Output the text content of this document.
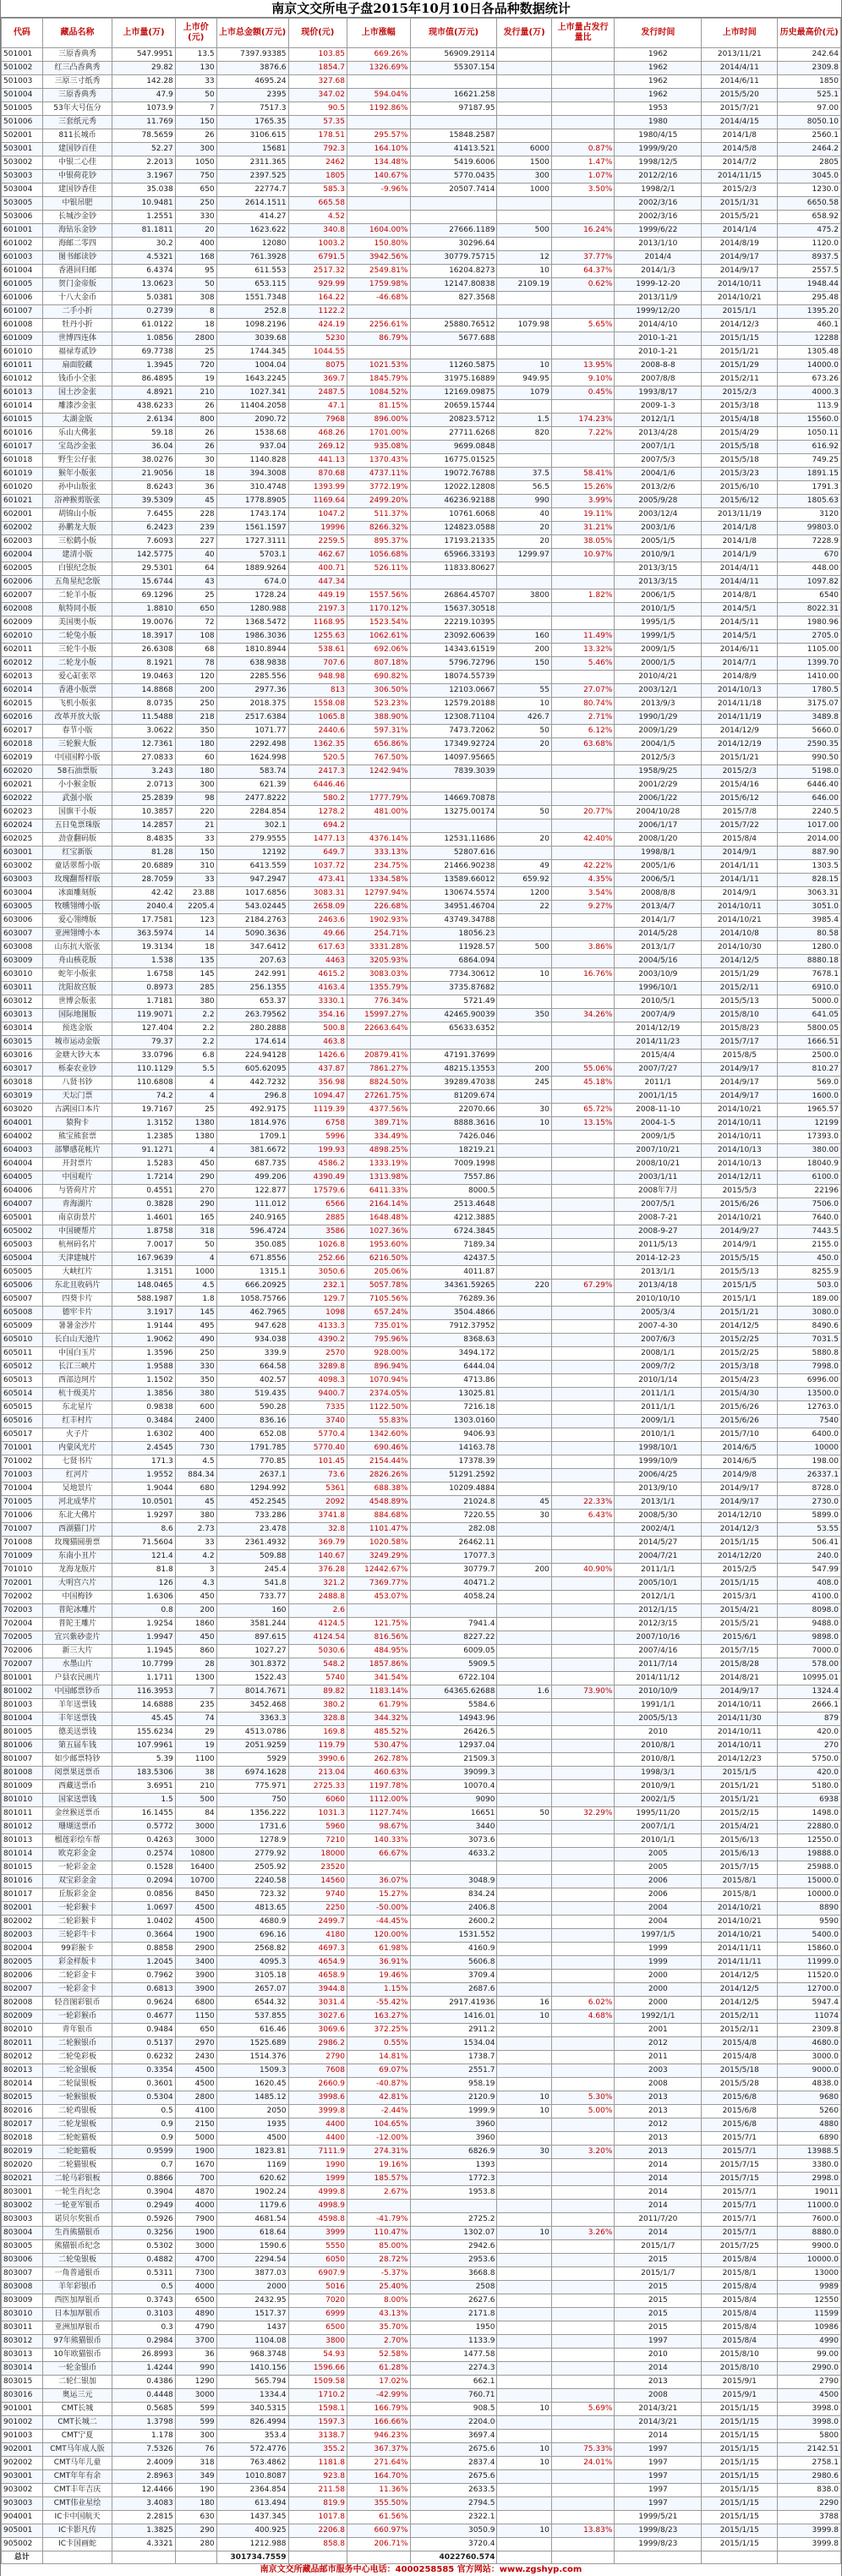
南京文交所电子盘2015年10月10日各品种数据统计
代码	藏品名称	上市量(万)	上市价(元)	上市总金额(万元)	现价(元)	上市涨幅	现市值(万元)	发行量(万)	上市量占发行量比	发行时间	上市时间	历史最高价(元)
501001	三原香典秀	547.9951	13.5	7397.93385	103.85	669.26%	56909.29114			1962	2013/11/21	242.64
501002	红三凸香典秀	29.82	130	3876.6	1854.7	1326.69%	55307.154			1962	2014/4/11	2309.8
501003	三原三寸纸秀	142.28	33	4695.24	327.68					1962	2014/6/11	1850
501004	三原香典秀	47.9	50	2395	347.02	594.04%	16621.258			1962	2015/5/20	525.1
501005	53年大号伍分	1073.9	7	7517.3	90.5	1192.86%	97187.95			1953	2015/7/21	97.00
501006	三套纸元秀	11.769	150	1765.35	57.35					1980	2014/4/15	8050.10
502001	811长城币	78.5659	26	3106.615	178.51	295.57%	15848.2587			1980/4/15	2014/1/8	2560.1
503001	建国钞百佳	52.27	300	15681	792.3	164.10%	41413.521	6000	0.87%	1999/9/20	2014/5/8	2464.2
503002	中银二心佳	2.2013	1050	2311.365	2462	134.48%	5419.6006	1500	1.47%	1998/12/5	2014/7/2	2805
503003	中银荷花钞	3.1967	750	2397.525	1805	140.67%	5770.0435	300	1.07%	2012/2/16	2014/11/15	3045.0
503004	建国钞香佳	35.038	650	22774.7	585.3	-9.96%	20507.7414	1000	3.50%	1998/2/1	2015/2/3	1230.0
503005	中银吊肥	10.9481	250	2614.1511	665.58					2002/3/16	2015/1/31	6650.58
503006	长城沙金钞	1.2551	330	414.27	4.52					2002/3/16	2015/5/21	658.92
601001	海钻乐金钞	81.1811	20	1623.622	340.8	1604.00%	27666.1189	500	16.24%	1999/6/22	2014/1/4	475.2
601002	海邮二零四	30.2	400	12080	1003.2	150.80%	30296.64			2013/1/10	2014/8/19	1120.0
601003	图书邮读钞	4.5321	168	761.3928	6791.5	3942.56%	30779.75715	12	37.77%	2014/4	2014/9/17	8937.5
601004	香港回归邮	6.4374	95	611.553	2517.32	2549.81%	16204.8273	10	64.37%	2014/1/3	2014/9/17	2557.5
601005	贺门金帝版	13.0623	50	653.115	929.99	1759.98%	12147.80838	2109.19	0.62%	1999-12-20	2014/10/11	1948.44
601006	十八大金币	5.0381	308	1551.7348	164.22	-46.68%	827.3568			2013/11/9	2014/10/21	295.48
601007	二手小折	0.2739	8	252.8	1122.2					1999/12/20	2015/1/1	1395.20
601008	牡丹小折	61.0122	18	1098.2196	424.19	2256.61%	25880.76512	1079.98	5.65%	2014/4/10	2014/12/3	460.1
601009	世博四连体	1.0856	2800	3039.68	5230	86.79%	5677.688			2010-1-21	2015/1/15	12288
601010	福禄寿贰钞	69.7738	25	1744.345	1044.55					2010-1-21	2015/1/21	1305.48
601011	扇面胶藏	1.3945	720	1004.04	8075	1021.53%	11260.5875	10	13.95%	2008-8-8	2015/1/29	14000.0
601012	钱币小全张	86.4895	19	1643.2245	369.7	1845.79%	31975.16889	949.95	9.10%	2007/8/8	2015/2/11	673.26
601013	国土沙金张	4.8921	210	1027.341	2487.5	1084.52%	12169.09875	1079	0.45%	1993/8/17	2015/2/3	4000.3
601014	雕漆沙金张	438.6233	26	11404.2058	47.1	81.15%	20659.15744			2009-1-3	2015/3/18	113.9
601015	太湖金版	2.6134	800	2090.72	7968	896.00%	20823.5712	1.5	174.23%	2012/1/1	2015/4/18	15560.0
601016	乐山大佛张	59.18	26	1538.68	468.26	1701.00%	27711.6268	820	7.22%	2013/4/28	2015/4/29	1050.11
601017	宝岛沙金张	36.04	26	937.04	269.12	935.08%	9699.0848			2007/1/1	2015/5/18	616.92
601018	野生公仔张	38.0276	30	1140.828	441.13	1370.43%	16775.01525			2007/5/3	2015/5/18	749.25
601019	猴年小版张	21.9056	18	394.3008	870.68	4737.11%	19072.76788	37.5	58.41%	2004/1/6	2015/3/23	1891.15
601020	孙中山版张	8.6243	36	310.4748	1393.99	3772.19%	12022.12808	56.5	15.26%	2013/2/6	2015/6/10	1791.3
601021	浴神猴剪版张	39.5309	45	1778.8905	1169.64	2499.20%	46236.92188	990	3.99%	2005/9/28	2015/6/12	1805.63
602001	胡锦山小版	7.6455	228	1743.174	1047.2	511.37%	10761.6068	40	19.11%	2003/12/4	2013/11/19	3120
602002	孙鹏龙大版	6.2423	239	1561.1597	19996	8266.32%	124823.0588	20	31.21%	2003/1/6	2014/1/8	99803.0
602003	三松鹤小版	7.6093	227	1727.3111	2259.5	895.37%	17193.21335	20	38.05%	2005/1/5	2014/1/8	7228.9
602004	建清小版	142.5775	40	5703.1	462.67	1056.68%	65966.33193	1299.97	10.97%	2010/9/1	2014/1/9	670
602005	白银纪念版	29.5301	64	1889.9264	400.71	526.11%	11833.80627			2013/3/15	2014/4/11	448.00
602006	五角星纪念版	15.6744	43	674.0	447.34					2013/3/15	2014/4/11	1097.82
602007	二轮羊小版	69.1296	25	1728.24	449.19	1557.56%	26864.45707	3800	1.82%	2006/1/5	2014/8/1	6540
602008	航特同小版	1.8810	650	1280.988	2197.3	1170.12%	15637.30518			2010/1/5	2014/5/1	8022.31
602009	美国奥小版	19.0076	72	1368.5472	1168.95	1523.54%	22219.10395			1995/1/5	2014/5/11	1980.96
602010	二轮兔小版	18.3917	108	1986.3036	1255.63	1062.61%	23092.60639	160	11.49%	1999/1/5	2014/5/1	2705.0
602011	三轮牛小版	26.6308	68	1810.8944	538.61	692.06%	14343.61519	200	13.32%	2009/1/5	2014/6/11	1105.00
602012	二轮龙小版	8.1921	78	638.9838	707.6	807.18%	5796.72796	150	5.46%	2000/1/5	2014/7/1	1399.70
602013	爱心缸张萃	19.0463	120	2285.556	948.98	690.82%	18074.55739			2010/4/21	2014/8/9	1410.00
602014	香港小版票	14.8868	200	2977.36	813	306.50%	12103.0667	55	27.07%	2003/12/1	2014/10/13	1780.5
602015	飞机小版张	8.0735	250	2018.375	1558.08	523.23%	12579.20188	10	80.74%	2013/9/3	2014/11/18	3175.07
602016	改革开放大版	11.5488	218	2517.6384	1065.8	388.90%	12308.71104	426.7	2.71%	1990/1/29	2014/11/19	3489.8
602017	春节小版	3.0622	350	1071.77	2440.6	597.31%	7473.72062	50	6.12%	2009/1/29	2014/12/9	5660.0
602018	三轮猴大版	12.7361	180	2292.498	1362.35	656.86%	17349.92724	20	63.68%	2004/1/5	2014/12/19	2590.35
602019	中国国粹小版	27.0833	60	1624.998	520.5	767.50%	14097.95665			2012/5/3	2015/1/21	990.50
602020	58石油票版	3.243	180	583.74	2417.3	1242.94%	7839.3039			1958/9/25	2015/2/3	5198.0
602021	小小猴金版	2.0713	300	621.39	6446.46					2001/2/29	2015/4/16	6446.40
602022	武强小版	25.2839	98	2477.8222	580.2	1777.79%	14669.70878			2006/1/22	2015/6/12	646.00
602023	国旗干小版	10.3857	220	2284.854	1278.2	481.00%	13275.00174	50	20.77%	2004/10/28	2015/7/8	2240.5
602024	五日兔票珠版	14.2857	21	302.1	694.2					2006/1/17	2015/7/22	1017.00
602025	劲壹翻码版	8.4835	33	279.9555	1477.13	4376.14%	12531.11686	20	42.40%	2008/1/20	2015/8/4	2014.00
603001	红宝新版	81.28	150	12192	649.7	333.13%	52807.616			1998/8/1	2014/9/1	887.90
603002	童话翠帮小版	20.6889	310	6413.559	1037.72	234.75%	21466.90238	49	42.22%	2005/1/6	2014/1/11	1303.5
603003	玫瑰翻帮样版	28.7059	33	947.2947	473.41	1334.58%	13589.66012	659.92	4.35%	2006/5/1	2014/1/11	828.15
603004	冰面雕刻版	42.42	23.88	1017.6856	3083.31	12797.94%	130674.5574	1200	3.54%	2008/8/8	2014/9/1	3063.31
603005	牧曛翎缚小版	2040.4	2205.4	543.02445	2658.09	226.68%	34951.46704	22	9.27%	2013/4/7	2014/10/11	3051.0
603006	爱心翎缚版	17.7581	123	2184.2763	2463.6	1902.93%	43749.34788			2014/1/7	2014/10/21	3985.4
603007	亚洲翎缚小本	363.5974	14	5090.3636	49.66	254.71%	18056.23			2014/5/28	2014/10/8	80.58
603008	山东抗大版张	19.3134	18	347.6412	617.63	3331.28%	11928.57	500	3.86%	2013/1/7	2014/10/30	1280.0
603009	舟山核花版	1.538	135	207.63	4463	3205.93%	6864.094			2004/5/16	2014/12/5	8880.18
603010	蛇年小版张	1.6758	145	242.991	4615.2	3083.03%	7734.30612	10	16.76%	2003/10/9	2015/1/29	7678.1
603011	沈阳故宫版	0.8973	285	256.1355	4163.4	1355.79%	3735.87682			1996/10/1	2015/2/11	6910.0
603012	世博会版张	1.7181	380	653.37	3330.1	776.34%	5721.49			2010/5/1	2015/5/13	5000.0
603013	国际地图版	119.9071	2.2	263.79562	354.16	15997.27%	42465.90039	350	34.26%	2007/4/9	2015/8/10	641.05
603014	预选金版	127.404	2.2	280.2888	500.8	22663.64%	65633.6352			2014/12/19	2015/8/23	5800.05
603015	城市运动金版	79.37	2.2	174.614	463.8					2014/11/23	2015/7/17	1666.51
603016	金塘大钞大本	33.0796	6.8	224.94128	1426.6	20879.41%	47191.37699			2015/4/4	2015/8/5	2500.0
603017	栎泰农业钞	110.1129	5.5	605.62095	437.87	7861.27%	48215.13553	200	55.06%	2007/7/27	2014/9/17	810.27
603018	八贤书钞	110.6808	4	442.7232	356.98	8824.50%	39289.47038	245	45.18%	2011/1	2014/9/17	569.0
603019	天坛门票	74.2	4	296.8	1094.47	27261.75%	81209.674			2001/1/15	2014/9/17	1600.0
603020	古满园口本片	19.7167	25	492.9175	1119.39	4377.56%	22070.66	30	65.72%	2008-11-10	2014/10/21	1965.57
604001	猿狗卡	1.3152	1380	1814.976	6758	389.71%	8888.3616	10	13.15%	2004-1-5	2014/10/11	12199
604002	熊宝熊套票	1.2385	1380	1709.1	5996	334.49%	7426.046			2009/1/5	2014/10/11	17393.0
604003	部攀感花帐片	91.1271	4	381.6672	199.93	4898.25%	18219.21			2007/10/21	2014/10/13	380.00
604004	开封票片	1.5283	450	687.735	4586.2	1333.19%	7009.1998			2008/10/21	2014/10/13	18040.9
604005	中国观片	1.7214	290	499.206	4390.49	1313.98%	7557.86			2003/1/11	2014/12/11	6100.0
604006	与皆荷片片	0.4551	270	122.877	17579.6	6411.33%	8000.5			2008年7月	2015/5/3	22196
604007	青海湖片	0.3828	290	111.012	6566	2164.14%	2513.4648			2007/5/1	2015/6/26	7506.0
605001	南京街景片	1.4601	165	240.9165	2885	1648.48%	4212.3885			2008-7-21	2014/10/21	7640.0
605002	中国硬帮片	1.8758	318	596.4724	3586	1027.36%	6724.3845			2008-9-27	2014/9/27	7443.5
605003	杭州码名片	7.0017	50	350.085	1026.8	1953.60%	7189.34			2011/5/13	2014/9/1	2155.0
605004	天津建城片	167.9639	4	671.8556	252.66	6216.50%	42437.5			2014-12-23	2015/5/15	450.0
605005	大峡红片	1.3151	1000	1315.1	3050.6	205.06%	4011.87			2013/1/1	2015/5/13	8255.9
605006	东北且收码片	148.0465	4.5	666.20925	232.1	5057.78%	34361.59265	220	67.29%	2013/4/18	2015/1/5	503.0
605007	四葵卡片	588.1987	1.8	1058.75766	129.7	7105.56%	76289.36			2010/10/10	2015/1/1	189.00
605008	德牢卡片	3.1917	145	462.7965	1098	657.24%	3504.4866			2005/3/4	2015/1/21	3080.0
605009	暑暑金沙片	1.9144	495	947.628	4133.3	735.01%	7912.37952			2007-4-30	2014/12/5	8490.6
605010	长白山天池片	1.9062	490	934.038	4390.2	795.96%	8368.63			2007/6/3	2015/2/25	7031.5
605011	中国白玉片	1.3596	250	339.9	2570	928.00%	3494.172			2008/1/1	2015/2/25	5880.8
605012	长江三峡片	1.9588	330	664.58	3289.8	896.94%	6444.04			2009/7/2	2015/3/18	7998.0
605013	西部边珂片	1.1502	350	402.57	4098.3	1070.94%	4713.86			2010/1/14	2015/4/23	6996.00
605014	杭十级美片	1.3856	380	519.435	9400.7	2374.05%	13025.81			2011/1/1	2015/4/30	13500.0
605015	东北星片	0.9838	600	590.28	7335	1122.50%	7216.18			2011/1/1	2015/6/26	12763.0
605016	红丰村片	0.3484	2400	836.16	3740	55.83%	1303.0160			2009/1/1	2015/6/26	7540
605017	火子片	1.6302	400	652.08	5770.4	1342.60%	9406.93			2010/1/1	2015/7/10	6400.0
701001	内蒙风光片	2.4545	730	1791.785	5770.40	690.46%	14163.78			1998/10/1	2014/6/5	10000
701002	七贤书片	171.3	4.5	770.85	101.45	2154.44%	17378.39			1999/10/9	2014/6/5	198.00
701003	红河片	1.9552	884.34	2637.1	73.6	2826.26%	51291.2592			2006/4/25	2014/9/8	26337.1
701004	吴地景片	1.9044	680	1294.992	5361	688.38%	10209.4884			2013/9/10	2014/9/17	8728.0
701005	河北成华片	10.0501	45	452.2545	2092	4548.89%	21024.8	45	22.33%	2013/1/1	2014/9/17	2730.0
701006	东北大佛片	1.9297	380	733.286	3741.8	884.68%	7220.55	30	6.43%	2008/5/30	2014/12/10	5899.0
701007	西湖猫门片	8.6	2.73	23.478	32.8	1101.47%	282.08			2002/4/1	2014/12/3	53.55
701008	玫瑰猫圆册票	71.5604	33	2361.4932	369.79	1020.58%	26462.11			2014/5/27	2015/1/15	506.41
701009	东南小丑片	121.4	4.2	509.88	140.67	3249.29%	17077.3			2004/7/21	2014/12/20	240.0
701010	龙海龙版片	81.8	3	245.4	376.28	12442.67%	30779.7	200	40.90%	2011/1/1	2015/2/5	547.99
702001	大明宫六片	126	4.3	541.8	321.2	7369.77%	40471.2			2005/10/1	2015/1/15	408.0
702002	中国梅钞	1.6306	450	733.77	2488.8	453.07%	4058.24			2012/1/1	2015/3/1	4100.0
702003	普陀冰雕片	0.8	200	160	2.6					2012/1/15	2015/4/21	8098.0
702004	普陀王雕片	1.9254	1860	3581.244	4124.5	121.75%	7941.4			2012/3/15	2015/5/21	9488.0
702005	宜兴紫砂壶片	1.9947	450	897.615	4124.54	816.56%	8227.22			2007/10/16	2015/6/1	9898.0
702006	新三大片	1.1945	860	1027.27	5030.6	484.95%	6009.05			2007/4/16	2015/7/15	7000.0
702007	水墨山片	10.7799	28	301.8372	548.2	1857.86%	5909.5			2011/7/14	2015/8/28	578.00
801001	户县农民画片	1.1711	1300	1522.43	5740	341.54%	6722.104			2014/11/12	2014/8/21	10995.01
801002	中国邮票钞币	116.3953	7	8014.7671	89.82	1183.14%	64365.62688	1.6	73.90%	2010/10/9	2014/9/17	1324.4
801003	羊年送票钱	14.6888	235	3452.468	380.2	61.79%	5584.6			1991/1/1	2014/10/11	2666.1
801004	丰年送票钱	45.45	74	3363.3	328.8	344.32%	14943.96			2005/5/13	2014/11/30	879
801005	德美送票钱	155.6234	29	4513.0786	169.8	485.52%	26426.5			2010	2014/10/11	420.0
801006	第五届车钱	107.9961	19	2051.9259	119.79	530.47%	12937.04			2010/8/1	2014/10/11	270
801007	如少邮票特钞	5.39	1100	5929	3990.6	262.78%	21509.3			2010/8/1	2014/12/23	5750.0
801008	阅票果送票币	183.5306	38	6974.1628	213.04	460.63%	39099.3			1998/3/1	2015/1/5	420.0
801009	西藏送票币	3.6951	210	775.971	2725.33	1197.78%	10070.4			2010/9/1	2015/1/21	5180.0
801010	国家送票钱	1.5	500	750	6060	1112.00%	9090			2002/1/5	2015/1/21	6938
801011	金丝猴送票币	16.1455	84	1356.222	1031.3	1127.74%	16651	50	32.29%	1995/11/20	2015/2/15	1498.0
801012	珊瑚送票币	0.5772	3000	1731.6	5960	98.67%	3440			2007/1/1	2015/4/21	22880.0
801013	榴莲彩绘车帮	0.4263	3000	1278.9	7210	140.33%	3073.6			2010/1/1	2015/6/13	12550.0
801014	欧克彩金金	0.2574	10800	2779.92	18000	66.67%	4633.2			2005	2015/6/13	19888.0
801015	一轮彩金金	0.1528	16400	2505.92	23520					2005	2015/7/15	25988.0
801016	双宝彩金金	0.2094	10700	2240.58	14560	36.07%	3048.9			2006	2015/8/1	15000.0
801017	丘版彩金金	0.0856	8450	723.32	9740	15.27%	834.24			2006	2015/8/1	10000.0
802001	一轮彩猴卡	1.0697	4500	4813.65	2250	-50.00%	2406.8			2004	2014/10/21	8890
802002	二轮彩猴卡	1.0402	4500	4680.9	2499.7	-44.45%	2600.2			2004	2014/10/21	9590
802003	三轮彩牛卡	0.3664	1900	696.16	4180	120.00%	1531.552			1997/1/5	2014/10/21	5400.0
802004	99彩猴卡	0.8858	2900	2568.82	4697.3	61.98%	4160.9			1999	2014/11/11	15860.0
802005	彩金样版卡	1.2045	3400	4095.3	4654.9	36.91%	5606.8			1999	2014/11/11	11999.0
802006	二轮彩金卡	0.7962	3900	3105.18	4658.9	19.46%	3709.4			2000	2014/12/5	11520.0
802007	一轮彩金卡	0.6813	3900	2657.07	3944.8	1.15%	2687.6			2000	2014/12/5	12700.0
802008	轻音图彩银币	0.9624	6800	6544.32	3031.4	-55.42%	2917.41936	16	6.02%	2000	2014/12/5	5947.4
802009	一轮彩猴币	0.4677	1150	537.855	3027.6	163.27%	1416.01	10	4.68%	1992/1/1	2015/2/11	11074
802010	青年银币	0.9484	650	616.46	3069.6	372.25%	2911.2			2001	2015/2/11	2309.8
802011	二轮猴银币	0.5137	2970	1525.689	2986.2	0.55%	1534.04			2012	2015/4/8	4680.0
802012	二轮兔彩板	0.6232	2430	1514.376	2790	14.81%	1738.7			2011	2015/4/8	3000.0
802013	二轮金银板	0.3354	4500	1509.3	7608	69.07%	2551.7			2003	2015/5/18	9000.0
802014	二轮鼠银板	0.3601	4500	1620.45	2660.9	-40.87%	958.19			2008	2015/5/28	4838.0
802015	一轮猴银板	0.5304	2800	1485.12	3998.6	42.81%	2120.9	10	5.30%	2013	2015/6/8	9680
802016	二轮鸡银板	0.5	4100	2050	3999.8	-2.44%	1999.9	10	5.00%	2013	2015/6/8	5260
802017	二轮龙银板	0.9	2150	1935	4400	104.65%	3960			2012	2015/6/8	4880
802018	二轮蛇猫板	0.9	5000	4500	4400	-12.00%	3960			2013	2015/7/1	6890
802019	二轮蛇猫板	0.9599	1900	1823.81	7111.9	274.31%	6826.9	30	3.20%	2013	2015/7/1	13988.5
802020	二轮猫银板	0.7	1670	1169	1990	19.16%	1393			2014	2015/7/15	3380.0
802021	二轮马彩银板	0.8866	700	620.62	1999	185.57%	1772.3			2014	2015/7/15	2998.0
803001	一轮生肖纪念	0.3904	4870	1902.24	4999.8	2.67%	1953.8			2014	2015/7/1	19011
803002	一轮亚军银币	0.2949	4000	1179.6	4998.9					2014	2015/7/1	11000.0
803003	诺贝尔奖银币	0.5926	7900	4681.54	4598.8	-41.79%	2725.2			2011/7/20	2015/7/1	7600.0
803004	生肖熊猫银币	0.3256	1900	618.64	3999	110.47%	1302.07	10	3.26%	2014	2015/7/1	8880.0
803005	熊猫银币纪念	0.5302	3000	1590.6	5550	85.00%	2942.6			2015/1/7	2015/7/25	9900.0
803006	二轮兔银板	0.4882	4700	2294.54	6050	28.72%	2953.6			2015	2015/8/4	10000.0
803007	一角普通银币	0.5311	7300	3877.03	6907.9	-5.37%	3668.8			2015/1/7	2015/8/1	13000
803008	羊年彩银币	0.5	4000	2000	5016	25.40%	2508			2015	2015/8/4	9989
803009	西医加厚银币	0.3743	6500	2432.95	7020	8.00%	2627.6			2015	2015/8/4	12550
803010	日本加厚银币	0.3103	4890	1517.37	6999	43.13%	2171.8			2015	2015/8/4	11599
803011	亚洲加厚银币	0.3	4790	1437	6500	35.70%	1950			2015	2015/8/4	10986
803012	97年熊猫银币	0.2984	3700	1104.08	3800	2.70%	1133.9			1997	2015/8/4	4990
803013	10年欧猫银币	26.8993	36	968.3748	54.93	52.58%	1477.58			2010	2015/8/10	99.00
803014	一轮金银币	1.4244	990	1410.156	1596.66	61.28%	2274.3			2014	2015/8/10	2990.0
803015	二轮仁银加	0.4386	1290	565.794	1509.58	17.02%	662.1			2013	2015/9/1	2790
803016	奥运三元	0.4448	3000	1334.4	1710.2	-42.99%	760.71			2008	2015/9/1	4500
901001	CMT长城	0.5685	599	340.5315	1598.1	166.79%	908.5	10	5.69%	2014/3/21	2015/1/15	3998.0
901002	CMT长城二	1.3798	599	826.4994	1597.3	166.66%	2204.0			2014/3/21	2015/1/15	3998.0
901003	CMT宁夏	1.178	300	353.4	3138.7	946.23%	3697.4			2014	2015/1/15	5800
902001	CMT马年成人版	7.5326	76	572.4776	355.2	367.37%	2675.6	10	75.33%	1997	2015/1/15	2142.51
902002	CMT马年儿童	2.4009	318	763.4862	1181.8	271.64%	2837.4	10	24.01%	1997	2015/1/15	2758.1
903001	CMT年年有余	2.8963	349	1010.8087	923.8	164.70%	2675.6			1997	2015/1/15	2980.6
903002	CMT丰年吉庆	12.4466	190	2364.854	211.58	11.36%	2633.5			1997	2015/1/15	838.0
903003	CMT伟业星绘	3.4083	180	613.494	819.9	355.50%	2794.5			1997	2015/1/15	2290
904001	IC卡中国航天	2.2815	630	1437.345	1017.8	61.56%	2322.1			1999/5/21	2015/1/15	3788
905001	IC卡影凡传	1.3825	290	400.925	2206.8	660.97%	3050.9	10	13.83%	1999/8/23	2015/1/15	3999.8
905002	IC卡国画蛇	4.3321	280	1212.988	858.8	206.71%	3720.4			1999/8/23	2015/1/15	3999.8
总计				301734.7559			4022760.574					
南京文交所藏品邮市服务中心电话：4000258585 官方网站：www.zgshyp.com
